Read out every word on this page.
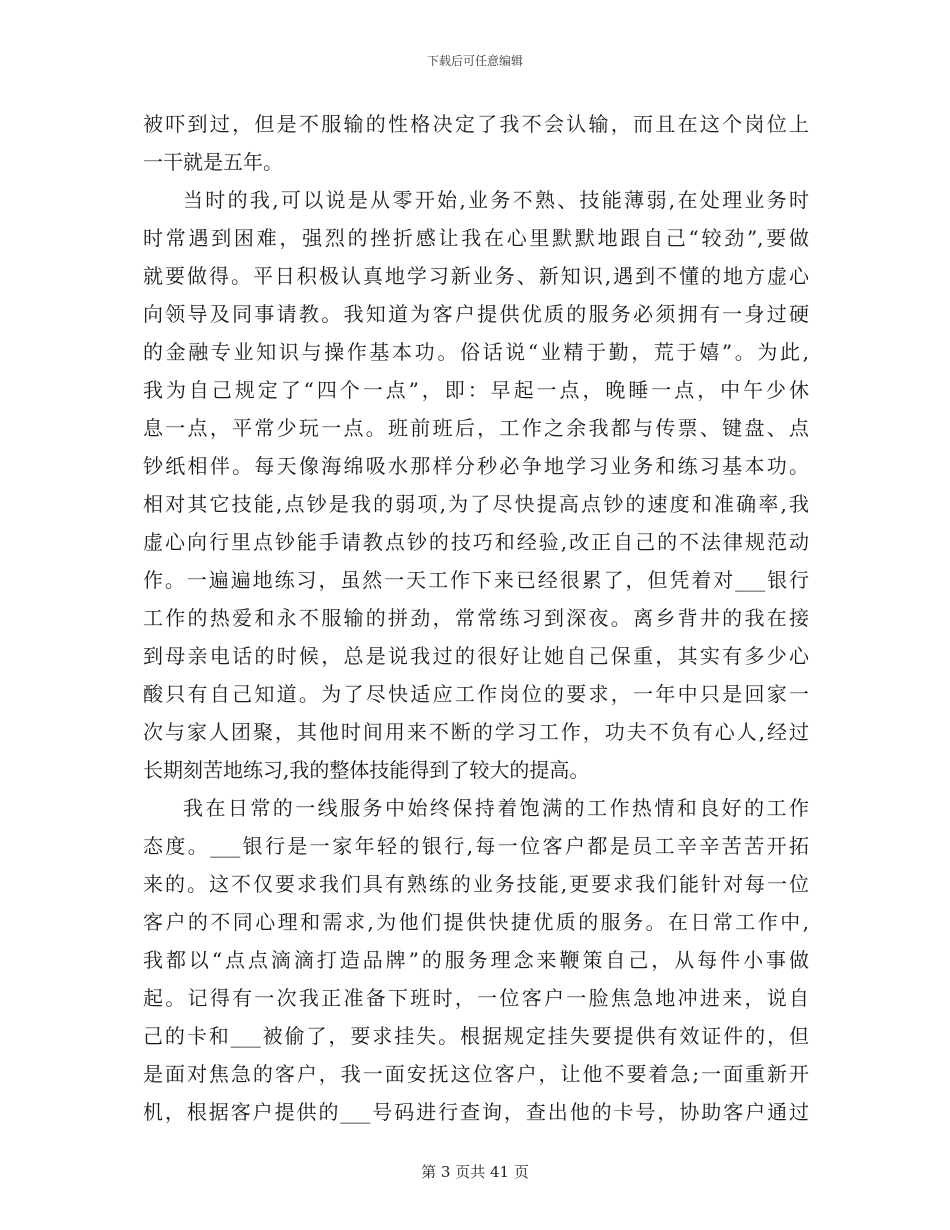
下载后可任意编辑
被吓到过，但是不服输的性格决定了我不会认输，而且在这个岗位上
一干就是五年。
当时的我,可以说是从零开始,业务不熟、技能薄弱,在处理业务时
时常遇到困难，强烈的挫折感让我在心里默默地跟自己“较劲”,要做
就要做得。平日积极认真地学习新业务、新知识,遇到不懂的地方虚心
向领导及同事请教。我知道为客户提供优质的服务必须拥有一身过硬
的金融专业知识与操作基本功。俗话说“业精于勤，荒于嬉”。为此,
我为自己规定了“四个一点”，即：早起一点，晚睡一点，中午少休
息一点，平常少玩一点。班前班后，工作之余我都与传票、键盘、点
钞纸相伴。每天像海绵吸水那样分秒必争地学习业务和练习基本功。
相对其它技能,点钞是我的弱项,为了尽快提高点钞的速度和准确率,我
虚心向行里点钞能手请教点钞的技巧和经验,改正自己的不法律规范动
作。一遍遍地练习，虽然一天工作下来已经很累了，但凭着对___银行
工作的热爱和永不服输的拼劲，常常练习到深夜。离乡背井的我在接
到母亲电话的时候，总是说我过的很好让她自己保重，其实有多少心
酸只有自己知道。为了尽快适应工作岗位的要求，一年中只是回家一
次与家人团聚，其他时间用来不断的学习工作，功夫不负有心人,经过
长期刻苦地练习,我的整体技能得到了较大的提高。
我在日常的一线服务中始终保持着饱满的工作热情和良好的工作
态度。___银行是一家年轻的银行,每一位客户都是员工辛辛苦苦开拓
来的。这不仅要求我们具有熟练的业务技能,更要求我们能针对每一位
客户的不同心理和需求,为他们提供快捷优质的服务。在日常工作中,
我都以“点点滴滴打造品牌”的服务理念来鞭策自己，从每件小事做
起。记得有一次我正准备下班时，一位客户一脸焦急地冲进来，说自
己的卡和___被偷了，要求挂失。根据规定挂失要提供有效证件的，但
是面对焦急的客户，我一面安抚这位客户，让他不要着急;一面重新开
机，根据客户提供的___号码进行查询，查出他的卡号，协助客户通过
第 3 页共 41 页
